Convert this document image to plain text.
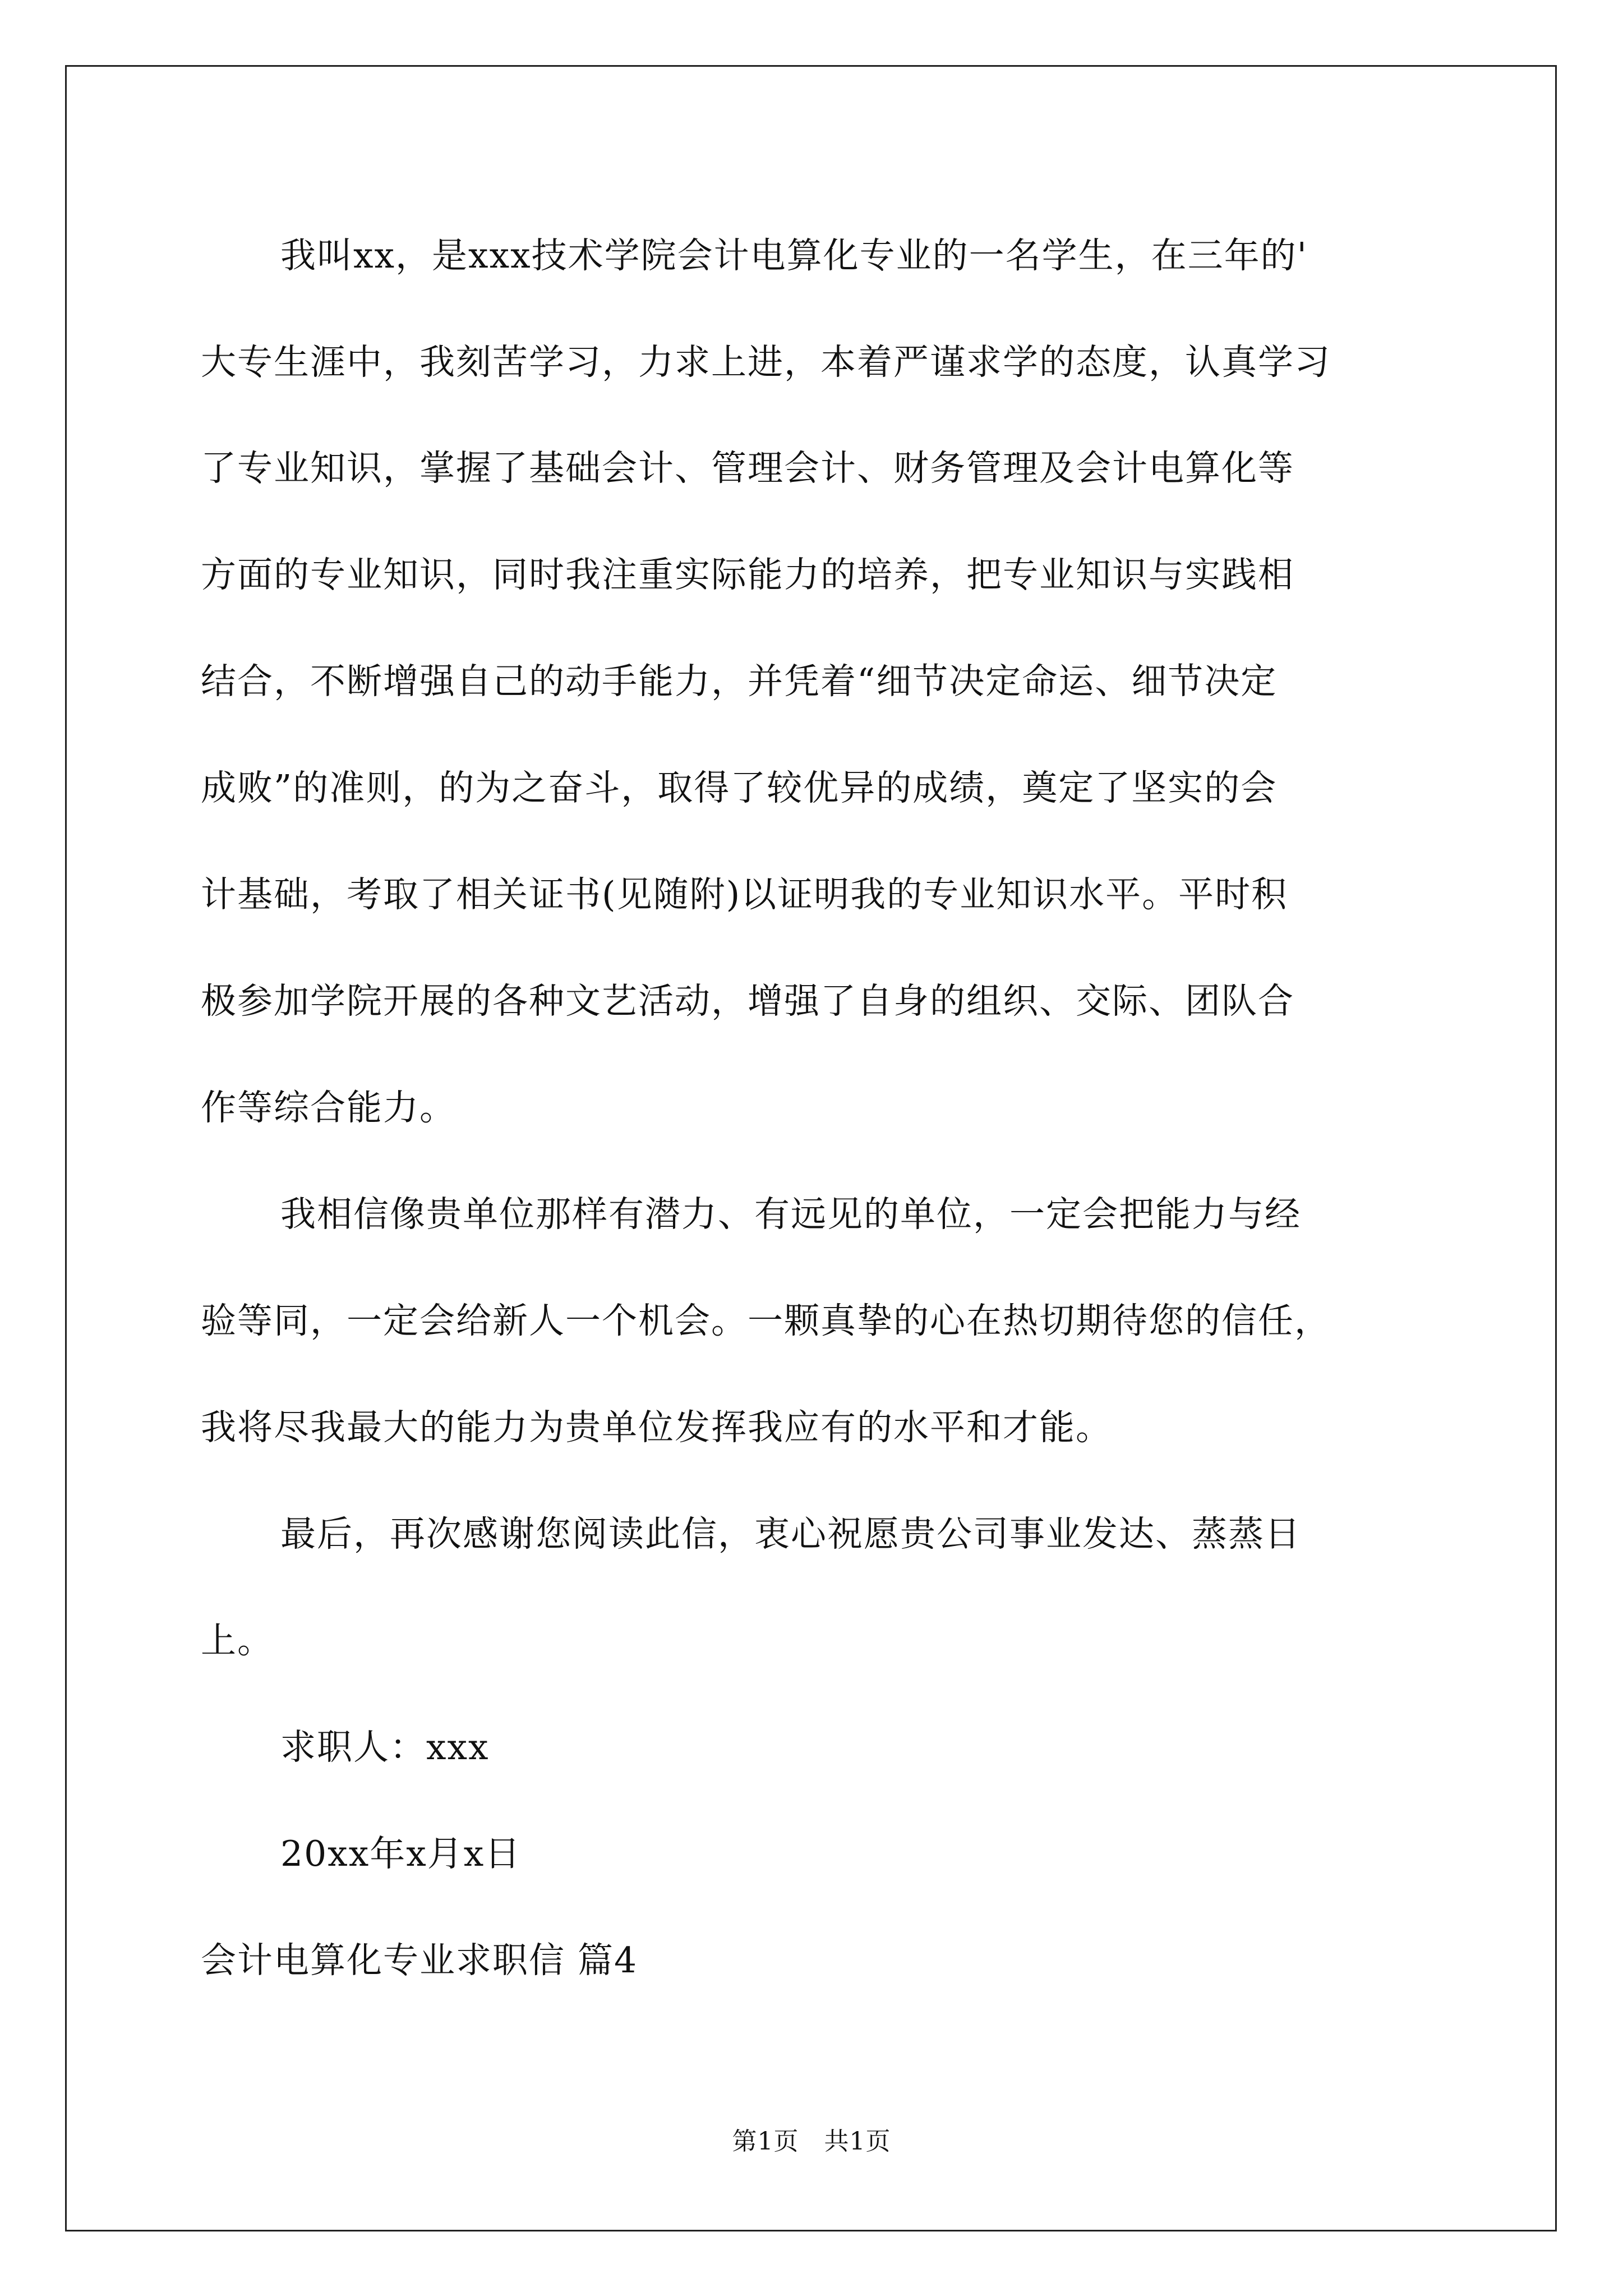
我叫xx，是xxx技术学院会计电算化专业的一名学生，在三年的'
大专生涯中，我刻苦学习，力求上进，本着严谨求学的态度，认真学习
了专业知识，掌握了基础会计、管理会计、财务管理及会计电算化等
方面的专业知识，同时我注重实际能力的培养，把专业知识与实践相
结合，不断增强自己的动手能力，并凭着“细节决定命运、细节决定
成败”的准则，的为之奋斗，取得了较优异的成绩，奠定了坚实的会
计基础，考取了相关证书(见随附)以证明我的专业知识水平。平时积
极参加学院开展的各种文艺活动，增强了自身的组织、交际、团队合
作等综合能力。
我相信像贵单位那样有潜力、有远见的单位，一定会把能力与经
验等同，一定会给新人一个机会。一颗真挚的心在热切期待您的信任，
我将尽我最大的能力为贵单位发挥我应有的水平和才能。
最后，再次感谢您阅读此信，衷心祝愿贵公司事业发达、蒸蒸日
上。
求职人：xxx
20xx年x月x日
会计电算化专业求职信 篇4
第1页　共1页
